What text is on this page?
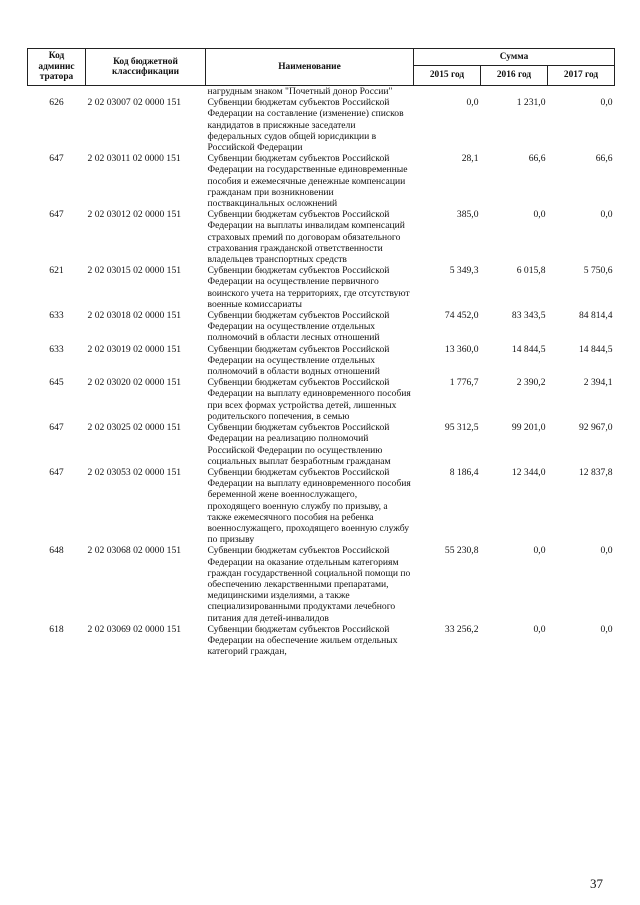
Код админис тратора	Код бюджетной классификации	Наименование	Сумма		
			2015 год	2016 год	2017 год
		нагрудным знаком "Почетный донор России"			
626	2 02 03007 02 0000 151	Субвенции бюджетам субъектов Российской Федерации на составление (изменение) списков кандидатов в присяжные заседатели федеральных судов общей юрисдикции в Российской Федерации	0,0	1 231,0	0,0
647	2 02 03011 02 0000 151	Субвенции бюджетам субъектов Российской Федерации на государственные единовременные пособия и ежемесячные денежные компенсации гражданам при возникновении поствакцинальных осложнений	28,1	66,6	66,6
647	2 02 03012 02 0000 151	Субвенции бюджетам субъектов Российской Федерации на выплаты инвалидам компенсаций страховых премий по договорам обязательного страхования гражданской ответственности владельцев транспортных средств	385,0	0,0	0,0
621	2 02 03015 02 0000 151	Субвенции бюджетам субъектов Российской Федерации на осуществление первичного воинского учета на территориях, где отсутствуют военные комиссариаты	5 349,3	6 015,8	5 750,6
633	2 02 03018 02 0000 151	Субвенции бюджетам субъектов Российской Федерации на осуществление отдельных полномочий в области лесных отношений	74 452,0	83 343,5	84 814,4
633	2 02 03019 02 0000 151	Субвенции бюджетам субъектов Российской Федерации на осуществление отдельных полномочий в области водных отношений	13 360,0	14 844,5	14 844,5
645	2 02 03020 02 0000 151	Субвенции бюджетам субъектов Российской Федерации на выплату единовременного пособия при всех формах устройства детей, лишенных родительского попечения, в семью	1 776,7	2 390,2	2 394,1
647	2 02 03025 02 0000 151	Субвенции бюджетам субъектов Российской Федерации на реализацию полномочий Российской Федерации по осуществлению социальных выплат безработным гражданам	95 312,5	99 201,0	92 967,0
647	2 02 03053 02 0000 151	Субвенции бюджетам субъектов Российской Федерации на выплату единовременного пособия беременной жене военнослужащего, проходящего военную службу по призыву, а также ежемесячного пособия на ребенка военнослужащего, проходящего военную службу по призыву	8 186,4	12 344,0	12 837,8
648	2 02 03068 02 0000 151	Субвенции бюджетам субъектов Российской Федерации на оказание отдельным категориям граждан государственной социальной помощи по обеспечению лекарственными препаратами, медицинскими изделиями, а также специализированными продуктами лечебного питания для детей-инвалидов	55 230,8	0,0	0,0
618	2 02 03069 02 0000 151	Субвенции бюджетам субъектов Российской Федерации на обеспечение жильем отдельных категорий граждан,	33 256,2	0,0	0,0
37
